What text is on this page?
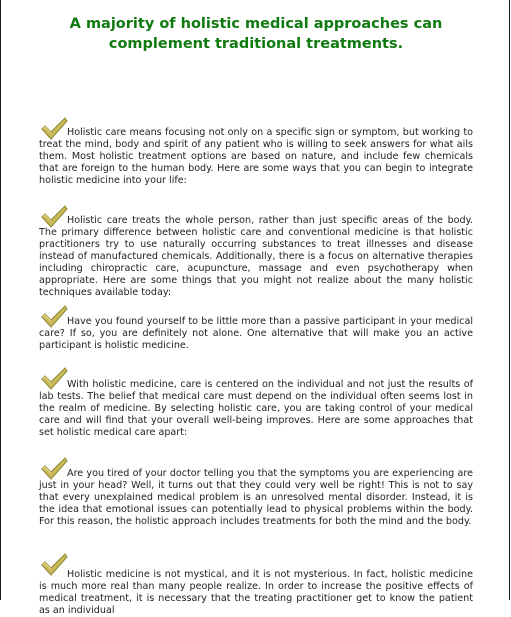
A majority of holistic medical approaches can complement traditional treatments.

Holistic care means focusing not only on a specific sign or symptom, but working to treat the mind, body and spirit of any patient who is willing to seek answers for what ails them. Most holistic treatment options are based on nature, and include few chemicals that are foreign to the human body. Here are some ways that you can begin to integrate holistic medicine into your life:

Holistic care treats the whole person, rather than just specific areas of the body. The primary difference between holistic care and conventional medicine is that holistic practitioners try to use naturally occurring substances to treat illnesses and disease instead of manufactured chemicals. Additionally, there is a focus on alternative therapies including chiropractic care, acupuncture, massage and even psychotherapy when appropriate. Here are some things that you might not realize about the many holistic techniques available today:

Have you found yourself to be little more than a passive participant in your medical care? If so, you are definitely not alone. One alternative that will make you an active participant is holistic medicine.

With holistic medicine, care is centered on the individual and not just the results of lab tests. The belief that medical care must depend on the individual often seems lost in the realm of medicine. By selecting holistic care, you are taking control of your medical care and will find that your overall well-being improves. Here are some approaches that set holistic medical care apart:

Are you tired of your doctor telling you that the symptoms you are experiencing are just in your head? Well, it turns out that they could very well be right! This is not to say that every unexplained medical problem is an unresolved mental disorder. Instead, it is the idea that emotional issues can potentially lead to physical problems within the body. For this reason, the holistic approach includes treatments for both the mind and the body.

Holistic medicine is not mystical, and it is not mysterious. In fact, holistic medicine is much more real than many people realize. In order to increase the positive effects of medical treatment, it is necessary that the treating practitioner get to know the patient as an individual
